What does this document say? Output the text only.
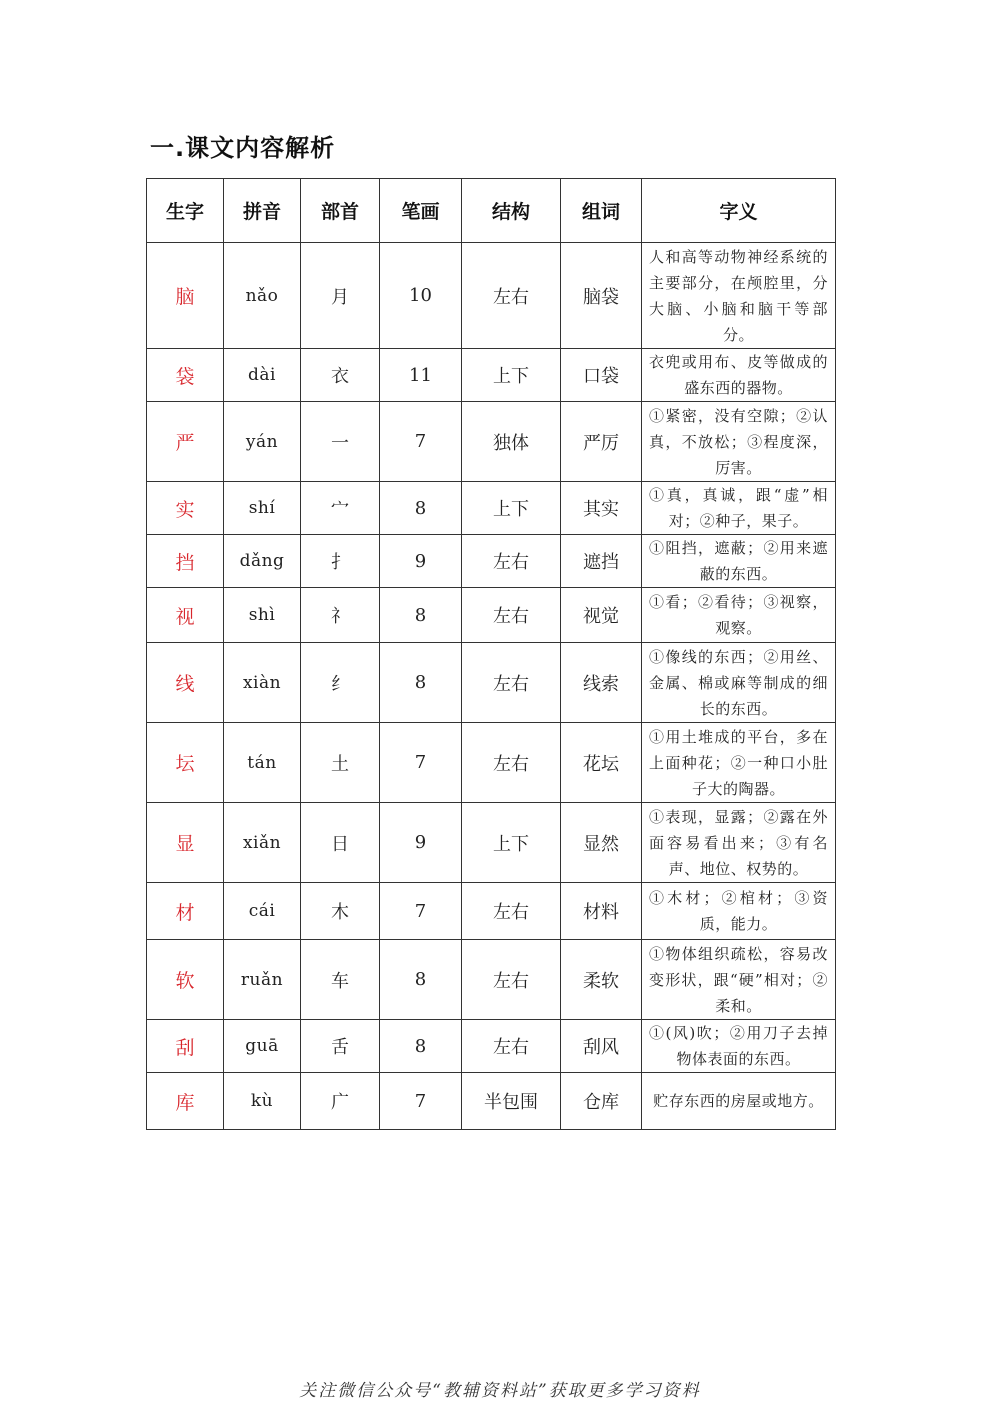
一.课文内容解析
生字	拼音	部首	笔画	结构	组词	字义
脑	nǎo	月	10	左右	脑袋	人和高等动物神经系统的主要部分，在颅腔里，分大脑、小脑和脑干等部分。
袋	dài	衣	11	上下	口袋	衣兜或用布、皮等做成的盛东西的器物。
严	yán	一	7	独体	严厉	①紧密，没有空隙；②认真，不放松；③程度深，厉害。
实	shí	宀	8	上下	其实	①真，真诚，跟“虚”相对；②种子，果子。
挡	dǎng	扌	9	左右	遮挡	①阻挡，遮蔽；②用来遮蔽的东西。
视	shì	礻	8	左右	视觉	①看；②看待；③视察，观察。
线	xiàn	纟	8	左右	线索	①像线的东西；②用丝、金属、棉或麻等制成的细长的东西。
坛	tán	土	7	左右	花坛	①用土堆成的平台，多在上面种花；②一种口小肚子大的陶器。
显	xiǎn	日	9	上下	显然	①表现，显露；②露在外面容易看出来；③有名声、地位、权势的。
材	cái	木	7	左右	材料	①木材；②棺材；③资质，能力。
软	ruǎn	车	8	左右	柔软	①物体组织疏松，容易改变形状，跟“硬”相对；②柔和。
刮	guā	舌	8	左右	刮风	①(风)吹；②用刀子去掉物体表面的东西。
库	kù	广	7	半包围	仓库	贮存东西的房屋或地方。
关注微信公众号“教辅资料站”获取更多学习资料
